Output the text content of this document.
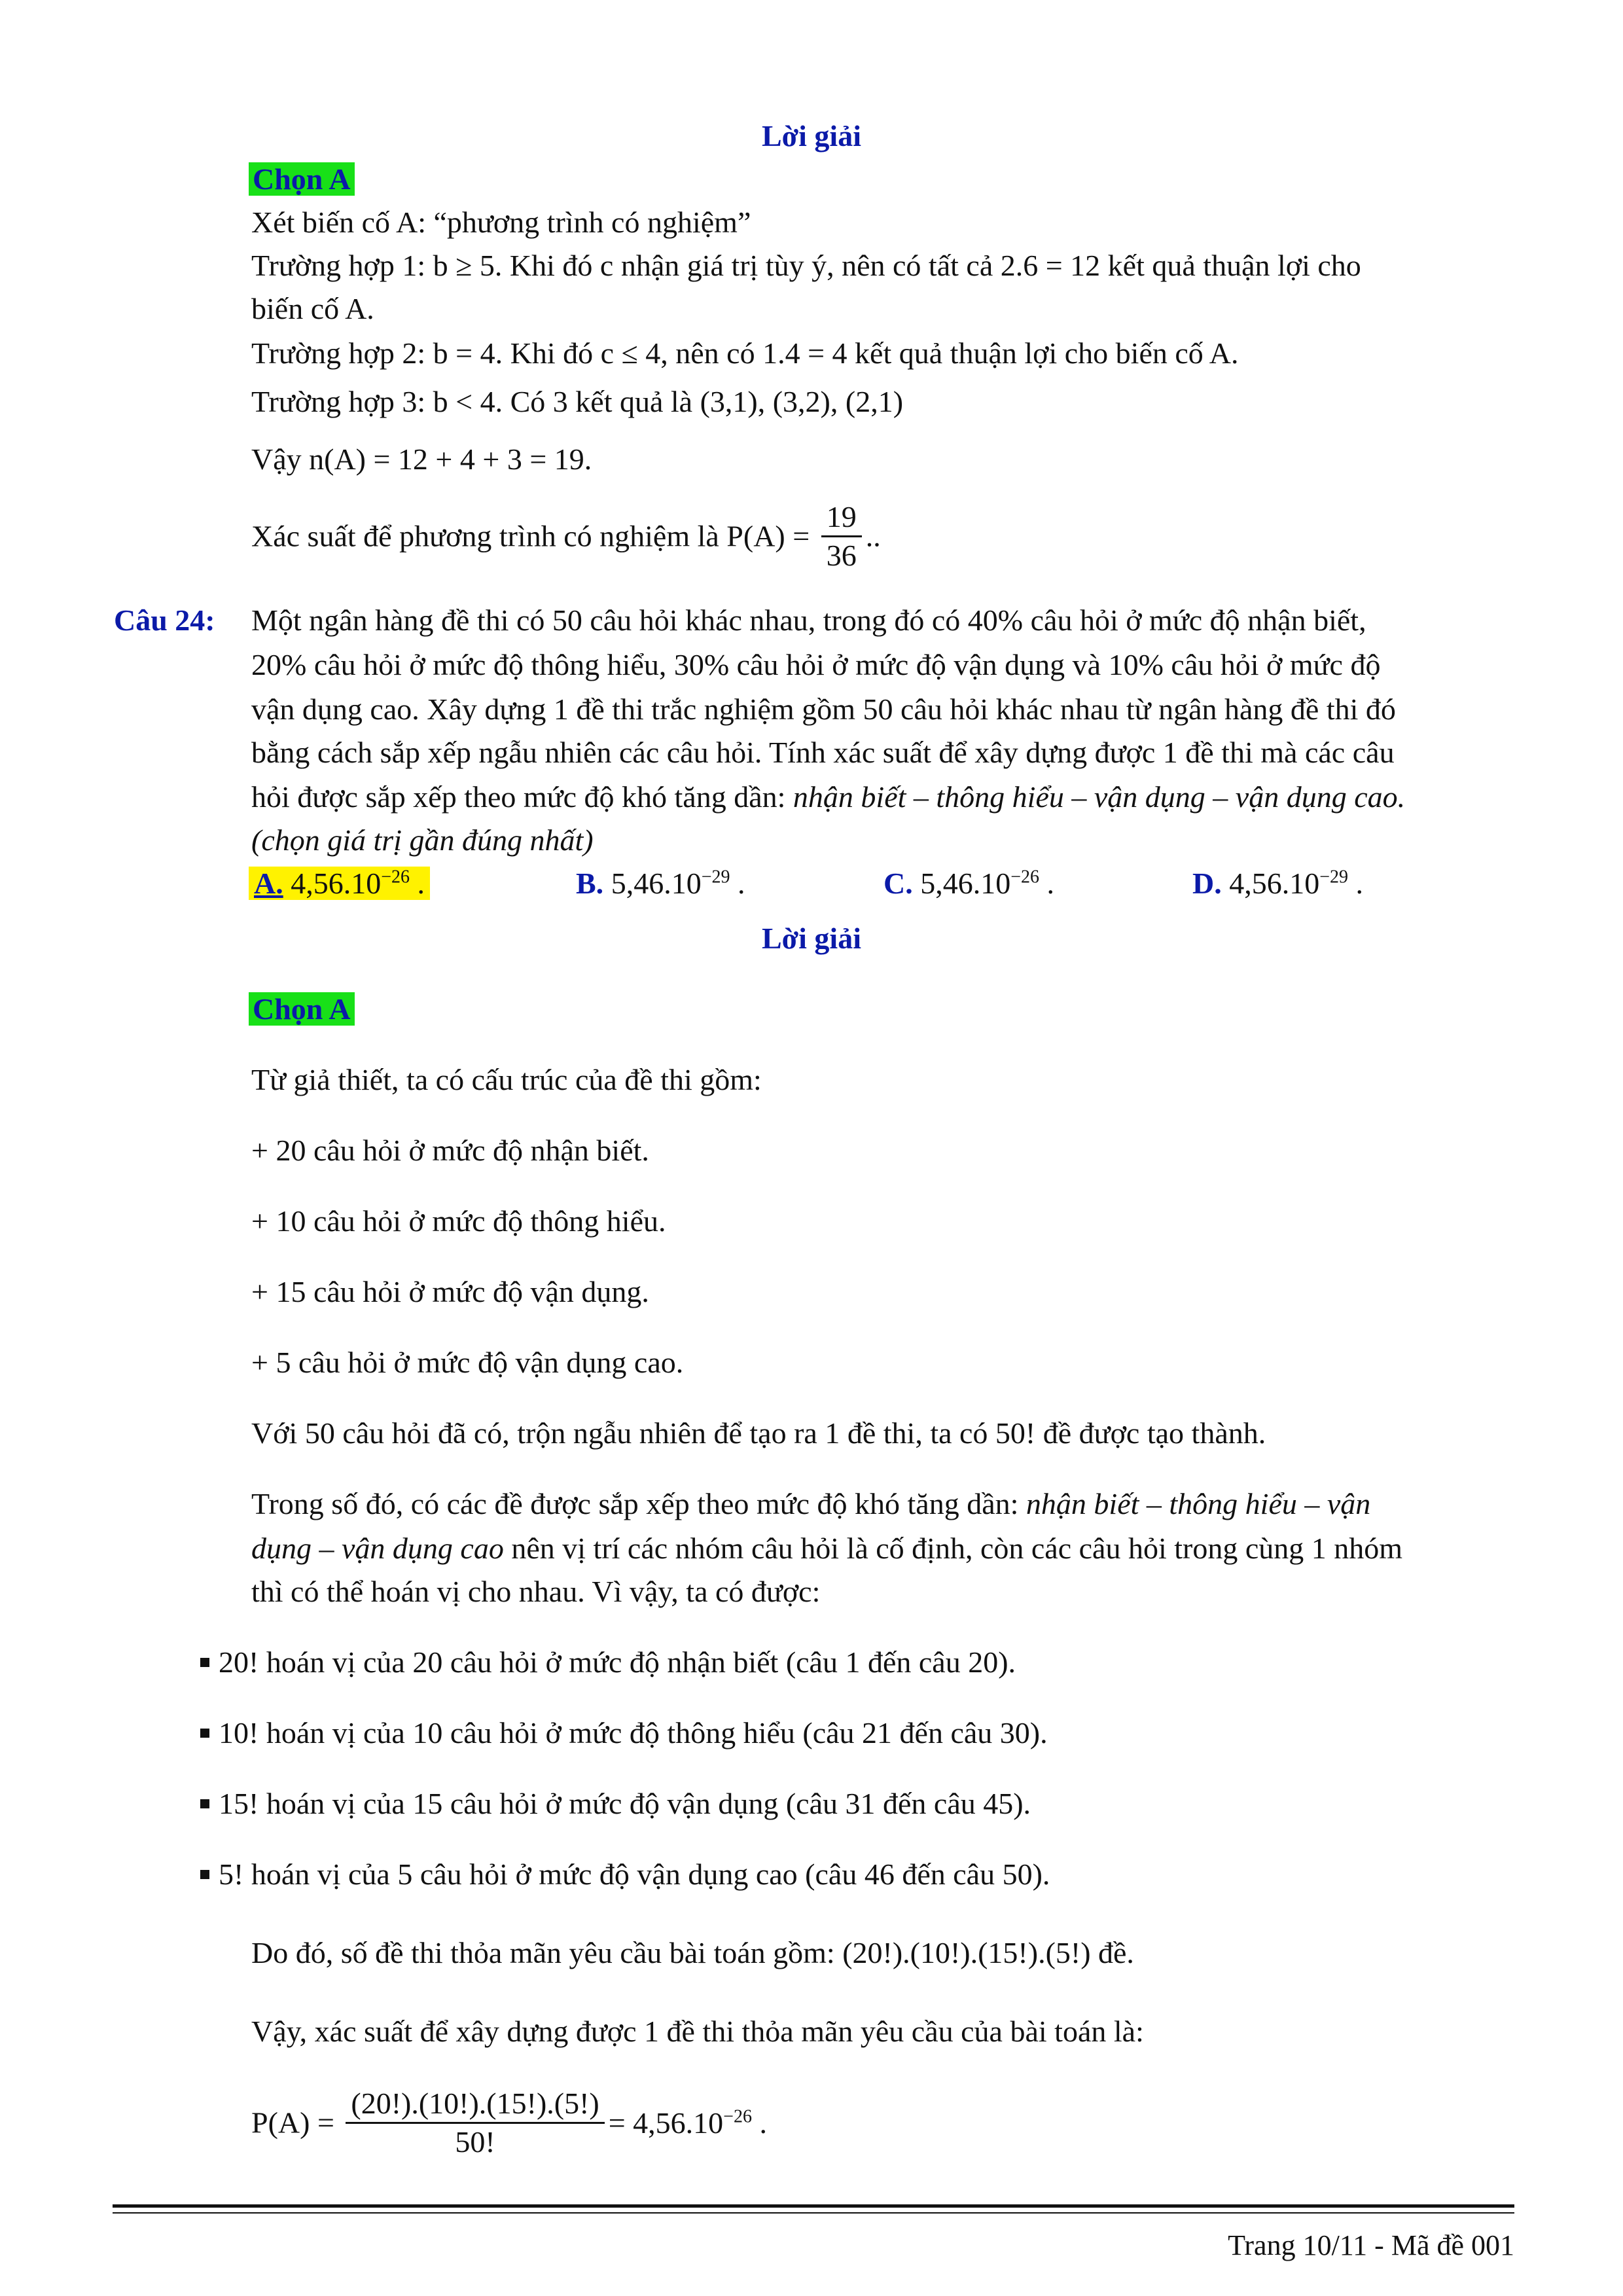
Lời giải
Chọn A
Xét biến cố A: “phương trình có nghiệm”
Trường hợp 1: b ≥ 5. Khi đó c nhận giá trị tùy ý, nên có tất cả 2.6 = 12 kết quả thuận lợi cho
biến cố A.
Trường hợp 2: b = 4. Khi đó c ≤ 4, nên có 1.4 = 4 kết quả thuận lợi cho biến cố A.
Trường hợp 3: b < 4. Có 3 kết quả là (3,1), (3,2), (2,1)
Vậy n(A) = 12 + 4 + 3 = 19.
Xác suất để phương trình có nghiệm là $P(A) = \frac{19}{36}$ ..
Câu 24: Một ngân hàng đề thi có 50 câu hỏi khác nhau, trong đó có 40% câu hỏi ở mức độ nhận biết,
20% câu hỏi ở mức độ thông hiểu, 30% câu hỏi ở mức độ vận dụng và 10% câu hỏi ở mức độ
vận dụng cao. Xây dựng 1 đề thi trắc nghiệm gồm 50 câu hỏi khác nhau từ ngân hàng đề thi đó
bằng cách sắp xếp ngẫu nhiên các câu hỏi. Tính xác suất để xây dựng được 1 đề thi mà các câu
hỏi được sắp xếp theo mức độ khó tăng dần: nhận biết – thông hiểu – vận dụng – vận dụng cao.
(chọn giá trị gần đúng nhất)
A. $4,56.10^{-26}$ .	B. $5,46.10^{-29}$ .	C. $5,46.10^{-26}$ .	D. $4,56.10^{-29}$ .
Lời giải
Chọn A
Từ giả thiết, ta có cấu trúc của đề thi gồm:
+ 20 câu hỏi ở mức độ nhận biết.
+ 10 câu hỏi ở mức độ thông hiểu.
+ 15 câu hỏi ở mức độ vận dụng.
+ 5 câu hỏi ở mức độ vận dụng cao.
Với 50 câu hỏi đã có, trộn ngẫu nhiên để tạo ra 1 đề thi, ta có 50! đề được tạo thành.
Trong số đó, có các đề được sắp xếp theo mức độ khó tăng dần: nhận biết – thông hiểu – vận
dụng – vận dụng cao nên vị trí các nhóm câu hỏi là cố định, còn các câu hỏi trong cùng 1 nhóm
thì có thể hoán vị cho nhau. Vì vậy, ta có được:
20! hoán vị của 20 câu hỏi ở mức độ nhận biết (câu 1 đến câu 20).
10! hoán vị của 10 câu hỏi ở mức độ thông hiểu (câu 21 đến câu 30).
15! hoán vị của 15 câu hỏi ở mức độ vận dụng (câu 31 đến câu 45).
5! hoán vị của 5 câu hỏi ở mức độ vận dụng cao (câu 46 đến câu 50).
Do đó, số đề thi thỏa mãn yêu cầu bài toán gồm: (20!).(10!).(15!).(5!) đề.
Vậy, xác suất để xây dựng được 1 đề thi thỏa mãn yêu cầu của bài toán là:
$P(A) = \frac{(20!).(10!).(15!).(5!)}{50!} = 4,56.10^{-26}$ .
Trang 10/11 - Mã đề 001
